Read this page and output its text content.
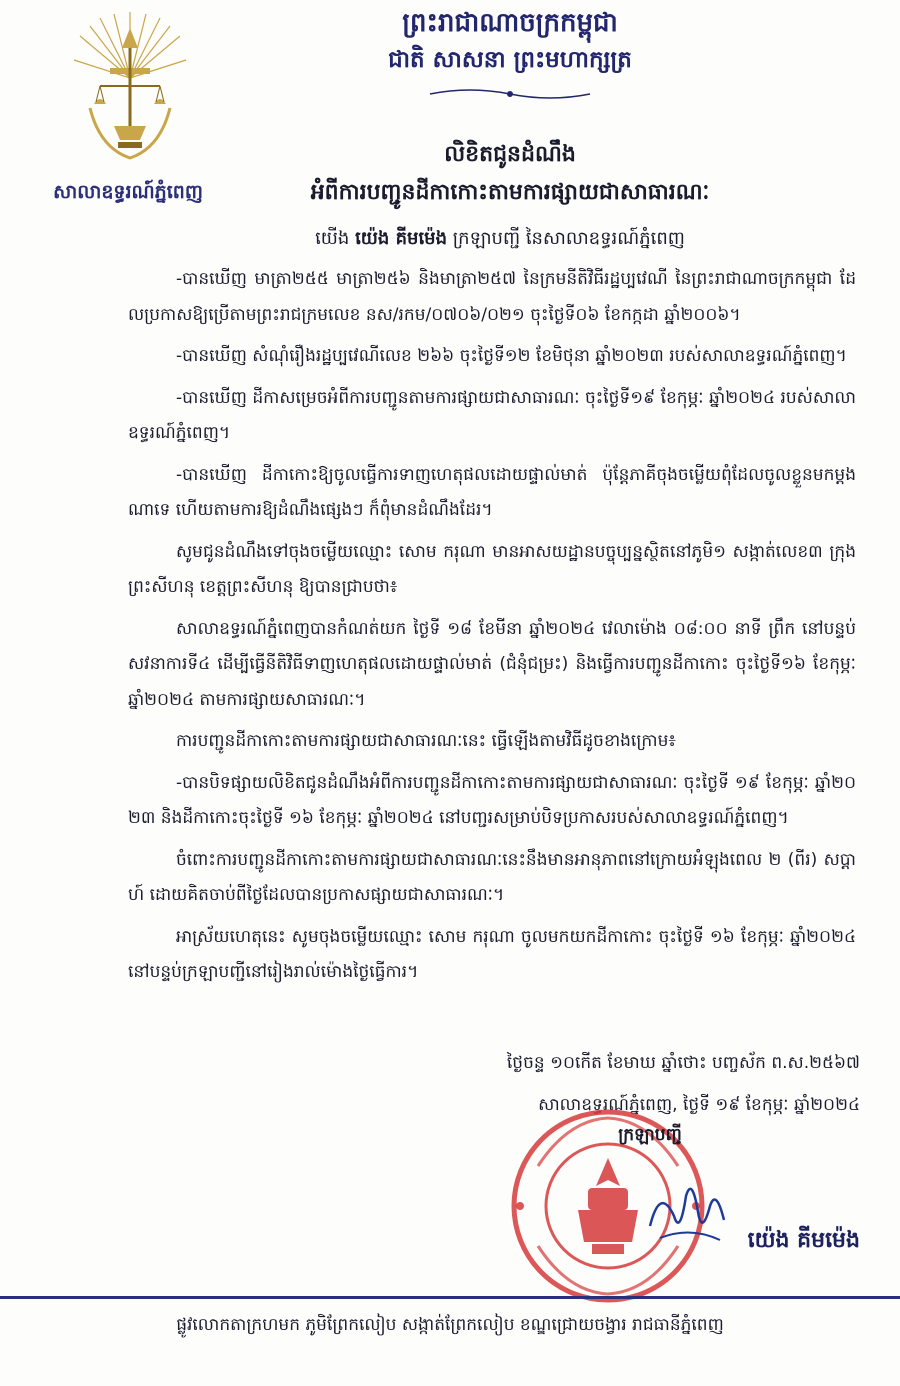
សាលាឧទ្ធរណ៍ភ្នំពេញ
ព្រះរាជាណាចក្រកម្ពុជា
ជាតិ សាសនា ព្រះមហាក្សត្រ
លិខិតជូនដំណឹង
អំពីការបញ្ជូនដីកាកោះតាមការផ្សាយជាសាធារណៈ
យើង យ៉េង គីមម៉េង ក្រឡាបញ្ជី នៃសាលាឧទ្ធរណ៍ភ្នំពេញ

-បានឃើញ មាត្រា២៥៥ មាត្រា២៥៦ និងមាត្រា២៥៧ នៃក្រមនីតិវិធីរដ្ឋប្បវេណី នៃព្រះរាជាណាចក្រកម្ពុជា ដែលប្រកាសឱ្យប្រើតាមព្រះរាជក្រមលេខ នស/រកម/០៧០៦/០២១ ចុះថ្ងៃទី០៦ ខែកក្កដា ឆ្នាំ២០០៦។

-បានឃើញ សំណុំរឿងរដ្ឋប្បវេណីលេខ ២៦៦ ចុះថ្ងៃទី១២ ខែមិថុនា ឆ្នាំ២០២៣ របស់សាលាឧទ្ធរណ៍ភ្នំពេញ។

-បានឃើញ ដីកាសម្រេចអំពីការបញ្ជូនតាមការផ្សាយជាសាធារណៈ ចុះថ្ងៃទី១៩ ខែកុម្ភៈ ឆ្នាំ២០២៤ របស់សាលាឧទ្ធរណ៍ភ្នំពេញ។

-បានឃើញ ដីកាកោះឱ្យចូលធ្វើការទាញហេតុផលដោយផ្ទាល់មាត់ ប៉ុន្តែភាគីចុងចម្លើយពុំដែលចូលខ្លួនមកម្តងណាទេ ហើយតាមការឱ្យដំណឹងផ្សេងៗ ក៏ពុំមានដំណឹងដែរ។

សូមជូនដំណឹងទៅចុងចម្លើយឈ្មោះ សោម ករុណា មានអាសយដ្ឋានបច្ចុប្បន្នស្ថិតនៅភូមិ១ សង្កាត់លេខ៣ ក្រុងព្រះសីហនុ ខេត្តព្រះសីហនុ ឱ្យបានជ្រាបថា៖

សាលាឧទ្ធរណ៍ភ្នំពេញបានកំណត់យក ថ្ងៃទី ១៨ ខែមីនា ឆ្នាំ២០២៤ វេលាម៉ោង ០៨:០០ នាទី ព្រឹក នៅបន្ទប់សវនាការទី៤ ដើម្បីធ្វើនីតិវិធីទាញហេតុផលដោយផ្ទាល់មាត់ (ជំនុំជម្រះ) និងធ្វើការបញ្ជូនដីកាកោះ ចុះថ្ងៃទី១៦ ខែកុម្ភៈ ឆ្នាំ២០២៤ តាមការផ្សាយសាធារណៈ។

ការបញ្ជូនដីកាកោះតាមការផ្សាយជាសាធារណៈនេះ ធ្វើឡើងតាមវិធីដូចខាងក្រោម៖

-បានបិទផ្សាយលិខិតជូនដំណឹងអំពីការបញ្ជូនដីកាកោះតាមការផ្សាយជាសាធារណៈ ចុះថ្ងៃទី ១៩ ខែកុម្ភៈ ឆ្នាំ២០២៣ និងដីកាកោះចុះថ្ងៃទី ១៦ ខែកុម្ភៈ ឆ្នាំ២០២៤ នៅបញ្ជរសម្រាប់បិទប្រកាសរបស់សាលាឧទ្ធរណ៍ភ្នំពេញ។

ចំពោះការបញ្ជូនដីកាកោះតាមការផ្សាយជាសាធារណៈនេះនឹងមានអានុភាពនៅក្រោយអំឡុងពេល ២ (ពីរ) សប្តាហ៍ ដោយគិតចាប់ពីថ្ងៃដែលបានប្រកាសផ្សាយជាសាធារណៈ។

អាស្រ័យហេតុនេះ សូមចុងចម្លើយឈ្មោះ សោម ករុណា ចូលមកយកដីកាកោះ ចុះថ្ងៃទី ១៦ ខែកុម្ភៈ ឆ្នាំ២០២៤ នៅបន្ទប់ក្រឡាបញ្ជីនៅរៀងរាល់ម៉ោងថ្ងៃធ្វើការ។

ថ្ងៃចន្ទ ១០កើត ខែមាឃ ឆ្នាំថោះ បញ្ចស័ក ព.ស.២៥៦៧
សាលាឧទ្ធរណ៍ភ្នំពេញ, ថ្ងៃទី ១៩ ខែកុម្ភៈ ឆ្នាំ២០២៤
ក្រឡាបញ្ជី
យ៉េង គីមម៉េង
ផ្លូវលោកតាក្រហមក ភូមិព្រែកលៀប សង្កាត់ព្រែកលៀប ខណ្ឌជ្រោយចង្វារ រាជធានីភ្នំពេញ
